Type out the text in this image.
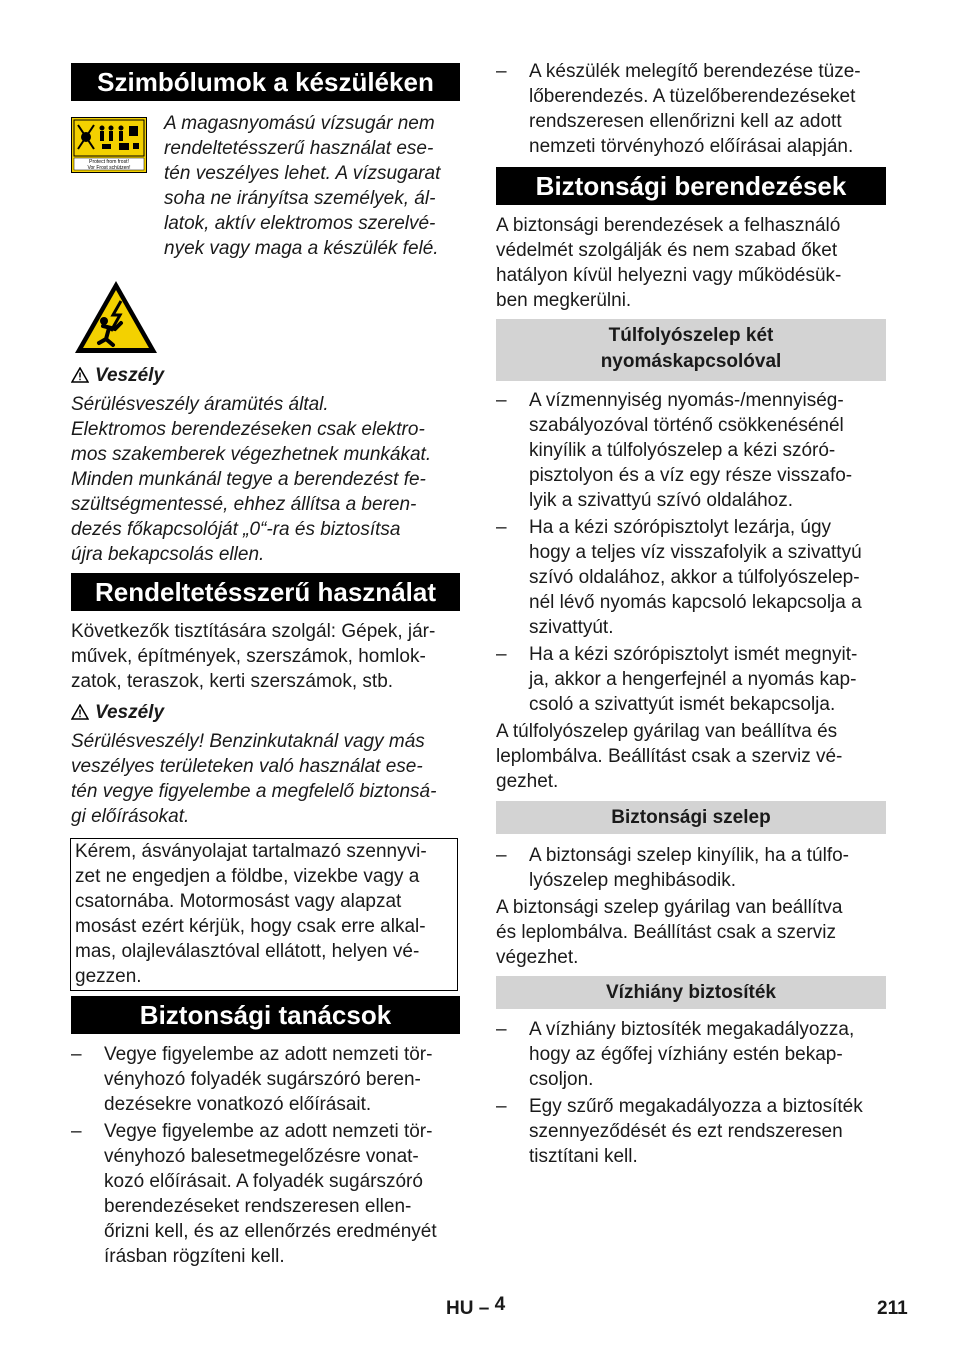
Szimbólumok a készüléken
Protect from frost!
Vor Frost schützen!
A magasnyomású vízsugár nem
rendeltetésszerű használat ese-
tén veszélyes lehet. A vízsugarat
soha ne irányítsa személyek, ál-
latok, aktív elektromos szerelvé-
nyek vagy maga a készülék felé.
Veszély
Sérülésveszély áramütés által.
Elektromos berendezéseken csak elektro-
mos szakemberek végezhetnek munkákat.
Minden munkánál tegye a berendezést fe-
szültségmentessé, ehhez állítsa a beren-
dezés főkapcsolóját „0“-ra és biztosítsa
újra bekapcsolás ellen.
Rendeltetésszerű használat
Következők tisztítására szolgál: Gépek, jár-
művek, építmények, szerszámok, homlok-
zatok, teraszok, kerti szerszámok, stb.
Veszély
Sérülésveszély! Benzinkutaknál vagy más
veszélyes területeken való használat ese-
tén vegye figyelembe a megfelelő biztonsá-
gi előírásokat.
Kérem, ásványolajat tartalmazó szennyvi-
zet ne engedjen a földbe, vizekbe vagy a
csatornába. Motormosást vagy alapzat
mosást ezért kérjük, hogy csak erre alkal-
mas, olajleválasztóval ellátott, helyen vé-
gezzen.
Biztonsági tanácsok
– Vegye figyelembe az adott nemzeti tör-
vényhozó folyadék sugárszóró beren-
dezésekre vonatkozó előírásait.
– Vegye figyelembe az adott nemzeti tör-
vényhozó balesetmegelőzésre vonat-
kozó előírásait. A folyadék sugárszóró
berendezéseket rendszeresen ellen-
őrizni kell, és az ellenőrzés eredményét
írásban rögzíteni kell.
– A készülék melegítő berendezése tüze-
lőberendezés. A tüzelőberendezéseket
rendszeresen ellenőrizni kell az adott
nemzeti törvényhozó előírásai alapján.
Biztonsági berendezések
A biztonsági berendezések a felhasználó
védelmét szolgálják és nem szabad őket
hatályon kívül helyezni vagy működésük-
ben megkerülni.
Túlfolyószelep két
nyomáskapcsolóval
– A vízmennyiség nyomás-/mennyiség-
szabályozóval történő csökkenésénél
kinyílik a túlfolyószelep a kézi szóró-
pisztolyon és a víz egy része visszafo-
lyik a szivattyú szívó oldalához.
– Ha a kézi szórópisztolyt lezárja, úgy
hogy a teljes víz visszafolyik a szivattyú
szívó oldalához, akkor a túlfolyószelep-
nél lévő nyomás kapcsoló lekapcsolja a
szivattyút.
– Ha a kézi szórópisztolyt ismét megnyit-
ja, akkor a hengerfejnél a nyomás kap-
csoló a szivattyút ismét bekapcsolja.
A túlfolyószelep gyárilag van beállítva és
leplombálva. Beállítást csak a szerviz vé-
gezhet.
Biztonsági szelep
– A biztonsági szelep kinyílik, ha a túlfo-
lyószelep meghibásodik.
A biztonsági szelep gyárilag van beállítva
és leplombálva. Beállítást csak a szerviz
végezhet.
Vízhiány biztosíték
– A vízhiány biztosíték megakadályozza,
hogy az égőfej vízhiány estén bekap-
csoljon.
– Egy szűrő megakadályozza a biztosíték
szennyeződését és ezt rendszeresen
tisztítani kell.
HU – 4	211
